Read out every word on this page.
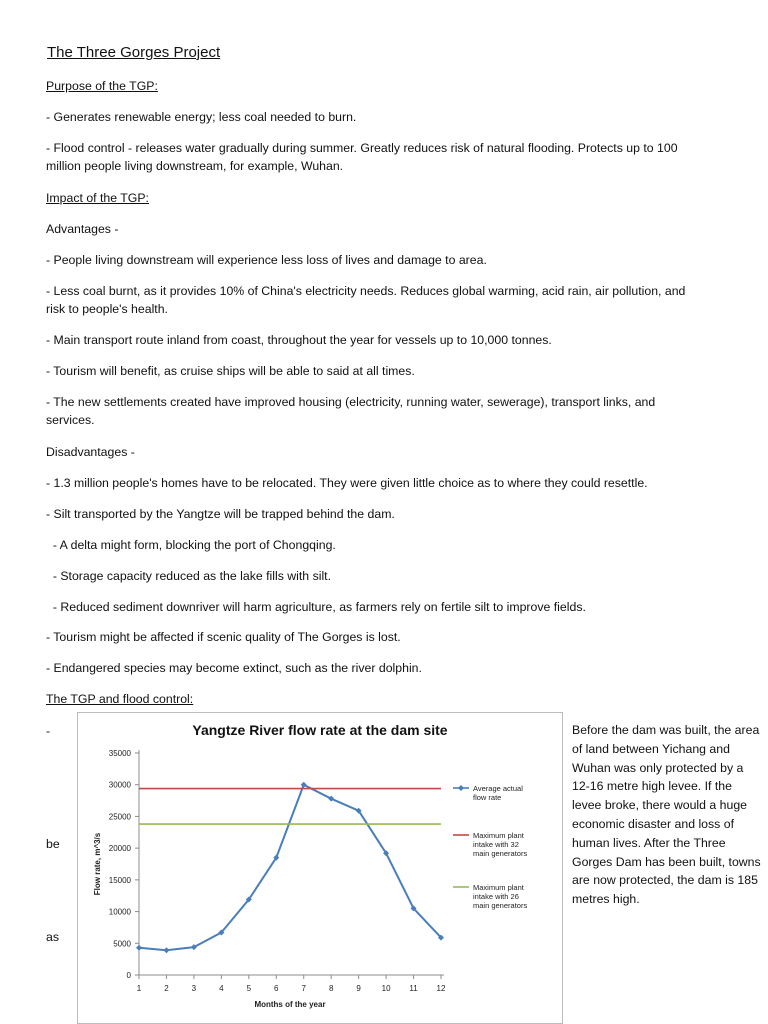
The Three Gorges Project
Purpose of the TGP:
- Generates renewable energy; less coal needed to burn.
- Flood control - releases water gradually during summer. Greatly reduces risk of natural flooding. Protects up to 100
million people living downstream, for example, Wuhan.
Impact of the TGP:
Advantages -
- People living downstream will experience less loss of lives and damage to area.
- Less coal burnt, as it provides 10% of China's electricity needs. Reduces global warming, acid rain, air pollution, and
risk to people's health.
- Main transport route inland from coast, throughout the year for vessels up to 10,000 tonnes.
- Tourism will benefit, as cruise ships will be able to said at all times.
- The new settlements created have improved housing (electricity, running water, sewerage), transport links, and
services.
Disadvantages -
- 1.3 million people's homes have to be relocated. They were given little choice as to where they could resettle.
- Silt transported by the Yangtze will be trapped behind the dam.
- A delta might form, blocking the port of Chongqing.
- Storage capacity reduced as the lake fills with silt.
- Reduced sediment downriver will harm agriculture, as farmers rely on fertile silt to improve fields.
- Tourism might be affected if scenic quality of The Gorges is lost.
- Endangered species may become extinct, such as the river dolphin.
The TGP and flood control:
-
be
as
Before the dam was built, the area of land between Yichang and Wuhan was only protected by a 12-16 metre high levee. If the levee broke, there would a huge economic disaster and loss of human lives. After the Three Gorges Dam has been built, towns are now protected, the dam is 185 metres high.
Yangtze River flow rate at the dam site
0
5000
10000
15000
20000
25000
30000
35000
1	2	3	4	5	6	7	8	9	10 11 12
Months of the year
Flow rate, m^3/s
Average actual flow rate
Maximum plant intake with 32 main generators
Maximum plant intake with 26 main generators
